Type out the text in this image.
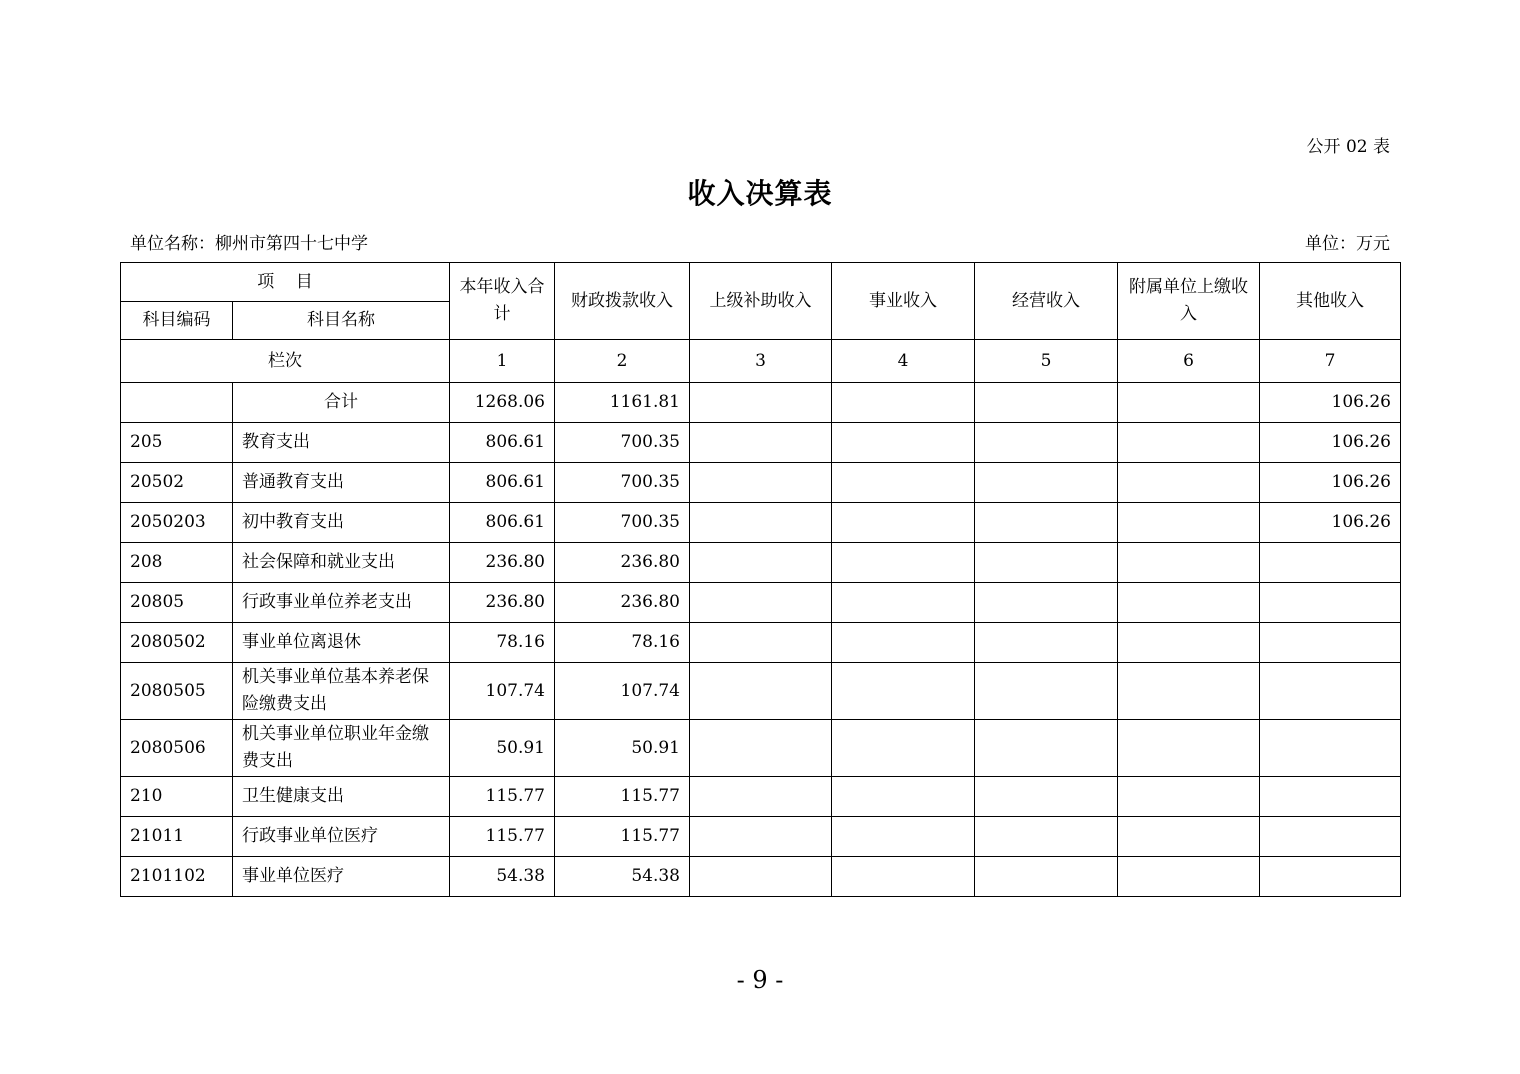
公开 02 表
收入决算表
单位名称：柳州市第四十七中学	单位：万元
项    目		本年收入合计	财政拨款收入	上级补助收入	事业收入	经营收入	附属单位上缴收入	其他收入
科目编码	科目名称							
栏次		1	2	3	4	5	6	7
	合计	1268.06	1161.81					106.26
205	教育支出	806.61	700.35					106.26
20502	普通教育支出	806.61	700.35					106.26
2050203	初中教育支出	806.61	700.35					106.26
208	社会保障和就业支出	236.80	236.80					
20805	行政事业单位养老支出	236.80	236.80					
2080502	事业单位离退休	78.16	78.16					
2080505	机关事业单位基本养老保险缴费支出	107.74	107.74					
2080506	机关事业单位职业年金缴费支出	50.91	50.91					
210	卫生健康支出	115.77	115.77					
21011	行政事业单位医疗	115.77	115.77					
2101102	事业单位医疗	54.38	54.38					
- 9 -
